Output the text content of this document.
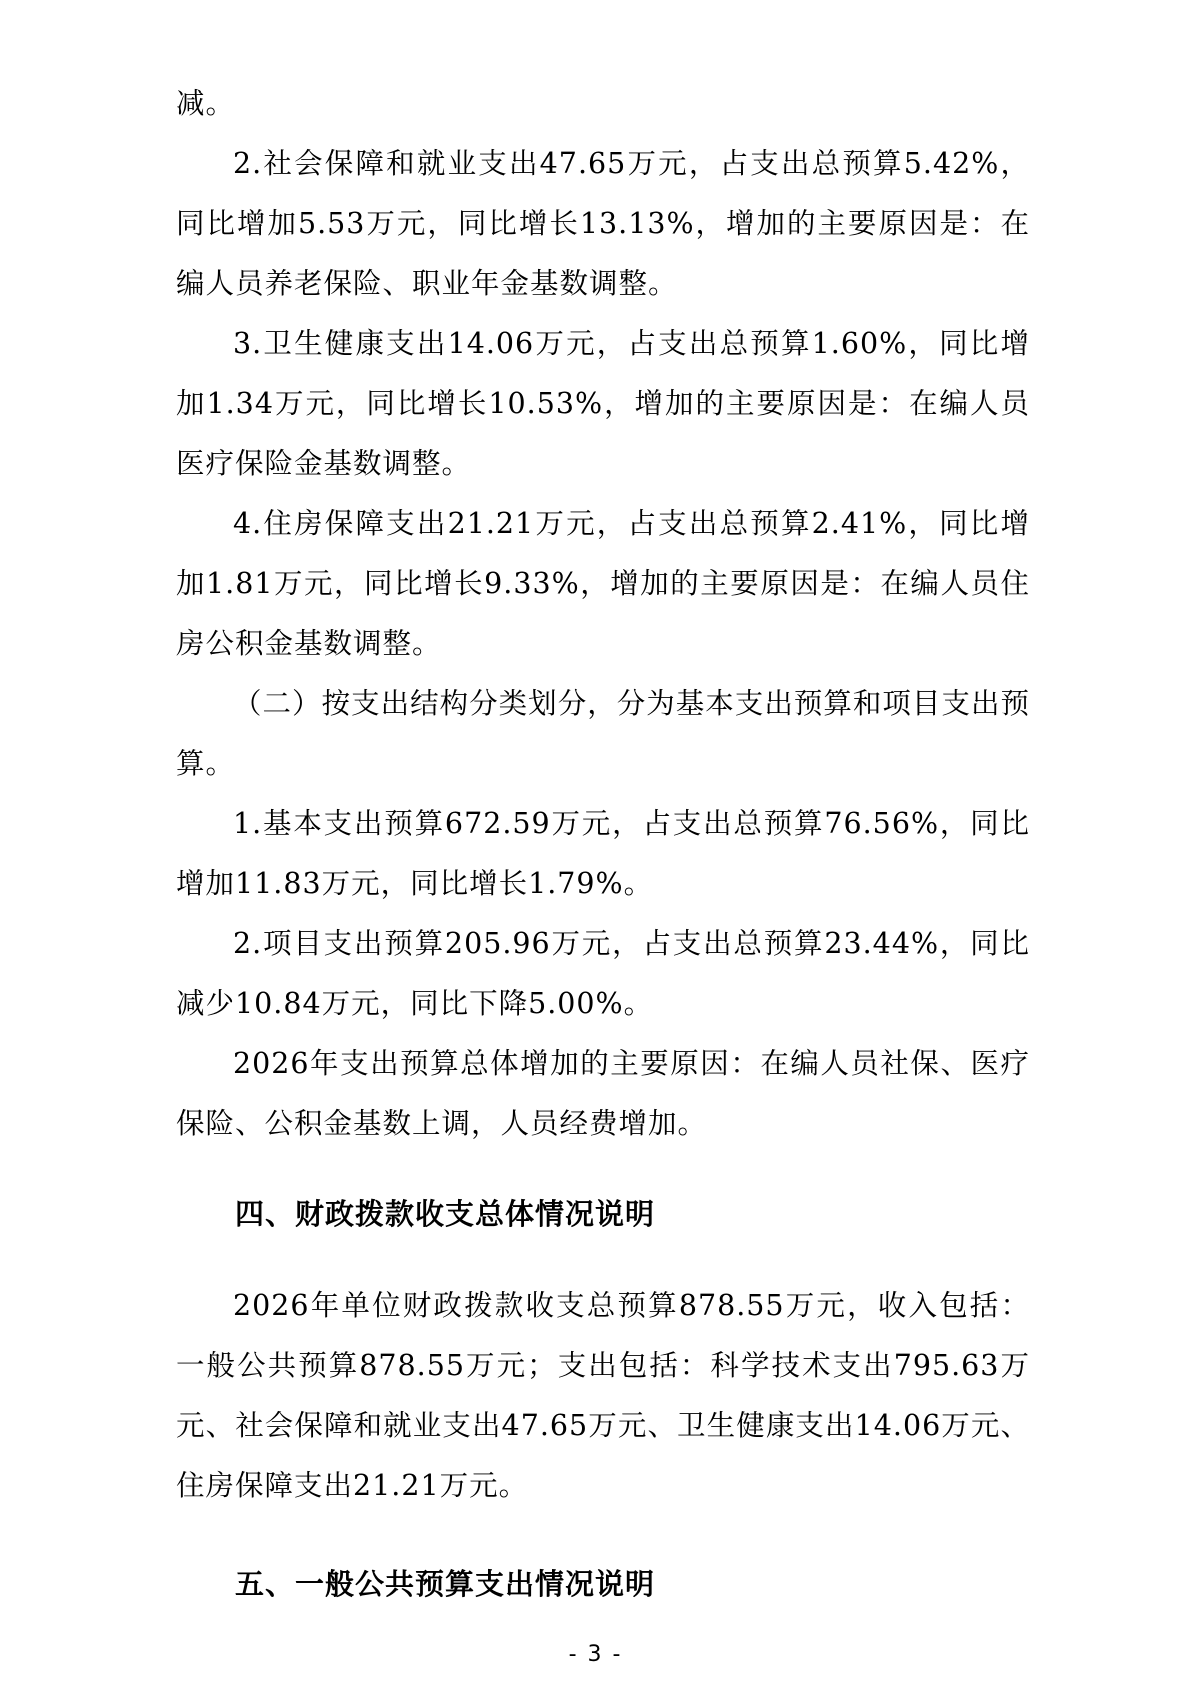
减。

2.社会保障和就业支出47.65万元，占支出总预算5.42%，同比增加5.53万元，同比增长13.13%，增加的主要原因是：在编人员养老保险、职业年金基数调整。

3.卫生健康支出14.06万元，占支出总预算1.60%，同比增加1.34万元，同比增长10.53%，增加的主要原因是：在编人员医疗保险金基数调整。

4.住房保障支出21.21万元，占支出总预算2.41%，同比增加1.81万元，同比增长9.33%，增加的主要原因是：在编人员住房公积金基数调整。

（二）按支出结构分类划分，分为基本支出预算和项目支出预算。

1.基本支出预算672.59万元，占支出总预算76.56%，同比增加11.83万元，同比增长1.79%。

2.项目支出预算205.96万元，占支出总预算23.44%，同比减少10.84万元，同比下降5.00%。

2026年支出预算总体增加的主要原因：在编人员社保、医疗保险、公积金基数上调，人员经费增加。

四、财政拨款收支总体情况说明

2026年单位财政拨款收支总预算878.55万元，收入包括：一般公共预算878.55万元；支出包括：科学技术支出795.63万元、社会保障和就业支出47.65万元、卫生健康支出14.06万元、住房保障支出21.21万元。

五、一般公共预算支出情况说明
- 3 -
